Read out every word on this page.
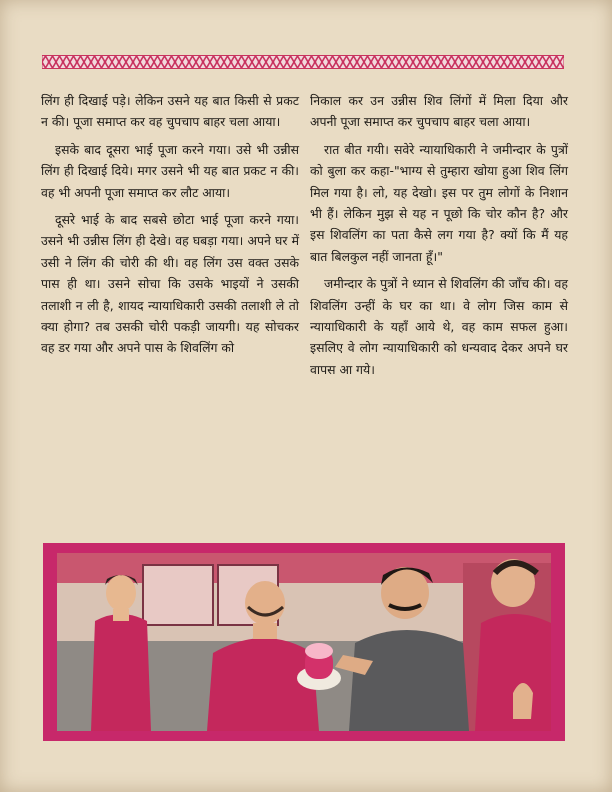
लिंग ही दिखाई पड़े। लेकिन उसने यह बात किसी से प्रकट न की। पूजा समाप्त कर वह चुपचाप बाहर चला आया।

इसके बाद दूसरा भाई पूजा करने गया। उसे भी उन्नीस लिंग ही दिखाई दिये। मगर उसने भी यह बात प्रकट न की। वह भी अपनी पूजा समाप्त कर लौट आया।

दूसरे भाई के बाद सबसे छोटा भाई पूजा करने गया। उसने भी उन्नीस लिंग ही देखे। वह घबड़ा गया। अपने घर में उसी ने लिंग की चोरी की थी। वह लिंग उस वक्त उसके पास ही था। उसने सोचा कि उसके भाइयों ने उसकी तलाशी न ली है, शायद न्यायाधिकारी उसकी तलाशी ले तो क्या होगा? तब उसकी चोरी पकड़ी जायगी। यह सोचकर वह डर गया और अपने पास के शिवलिंग को

निकाल कर उन उन्नीस शिव लिंगों में मिला दिया और अपनी पूजा समाप्त कर चुपचाप बाहर चला आया।

रात बीत गयी। सवेरे न्यायाधिकारी ने जमीन्दार के पुत्रों को बुला कर कहा-"भाग्य से तुम्हारा खोया हुआ शिव लिंग मिल गया है। लो, यह देखो। इस पर तुम लोगों के निशान भी हैं। लेकिन मुझ से यह न पूछो कि चोर कौन है? और इस शिवलिंग का पता कैसे लग गया है? क्यों कि मैं यह बात बिलकुल नहीं जानता हूँ।"

जमीन्दार के पुत्रों ने ध्यान से शिवलिंग की जाँच की। वह शिवलिंग उन्हीं के घर का था। वे लोग जिस काम से न्यायाधिकारी के यहाँ आये थे, वह काम सफल हुआ। इसलिए वे लोग न्यायाधिकारी को धन्यवाद देकर अपने घर वापस आ गये।
